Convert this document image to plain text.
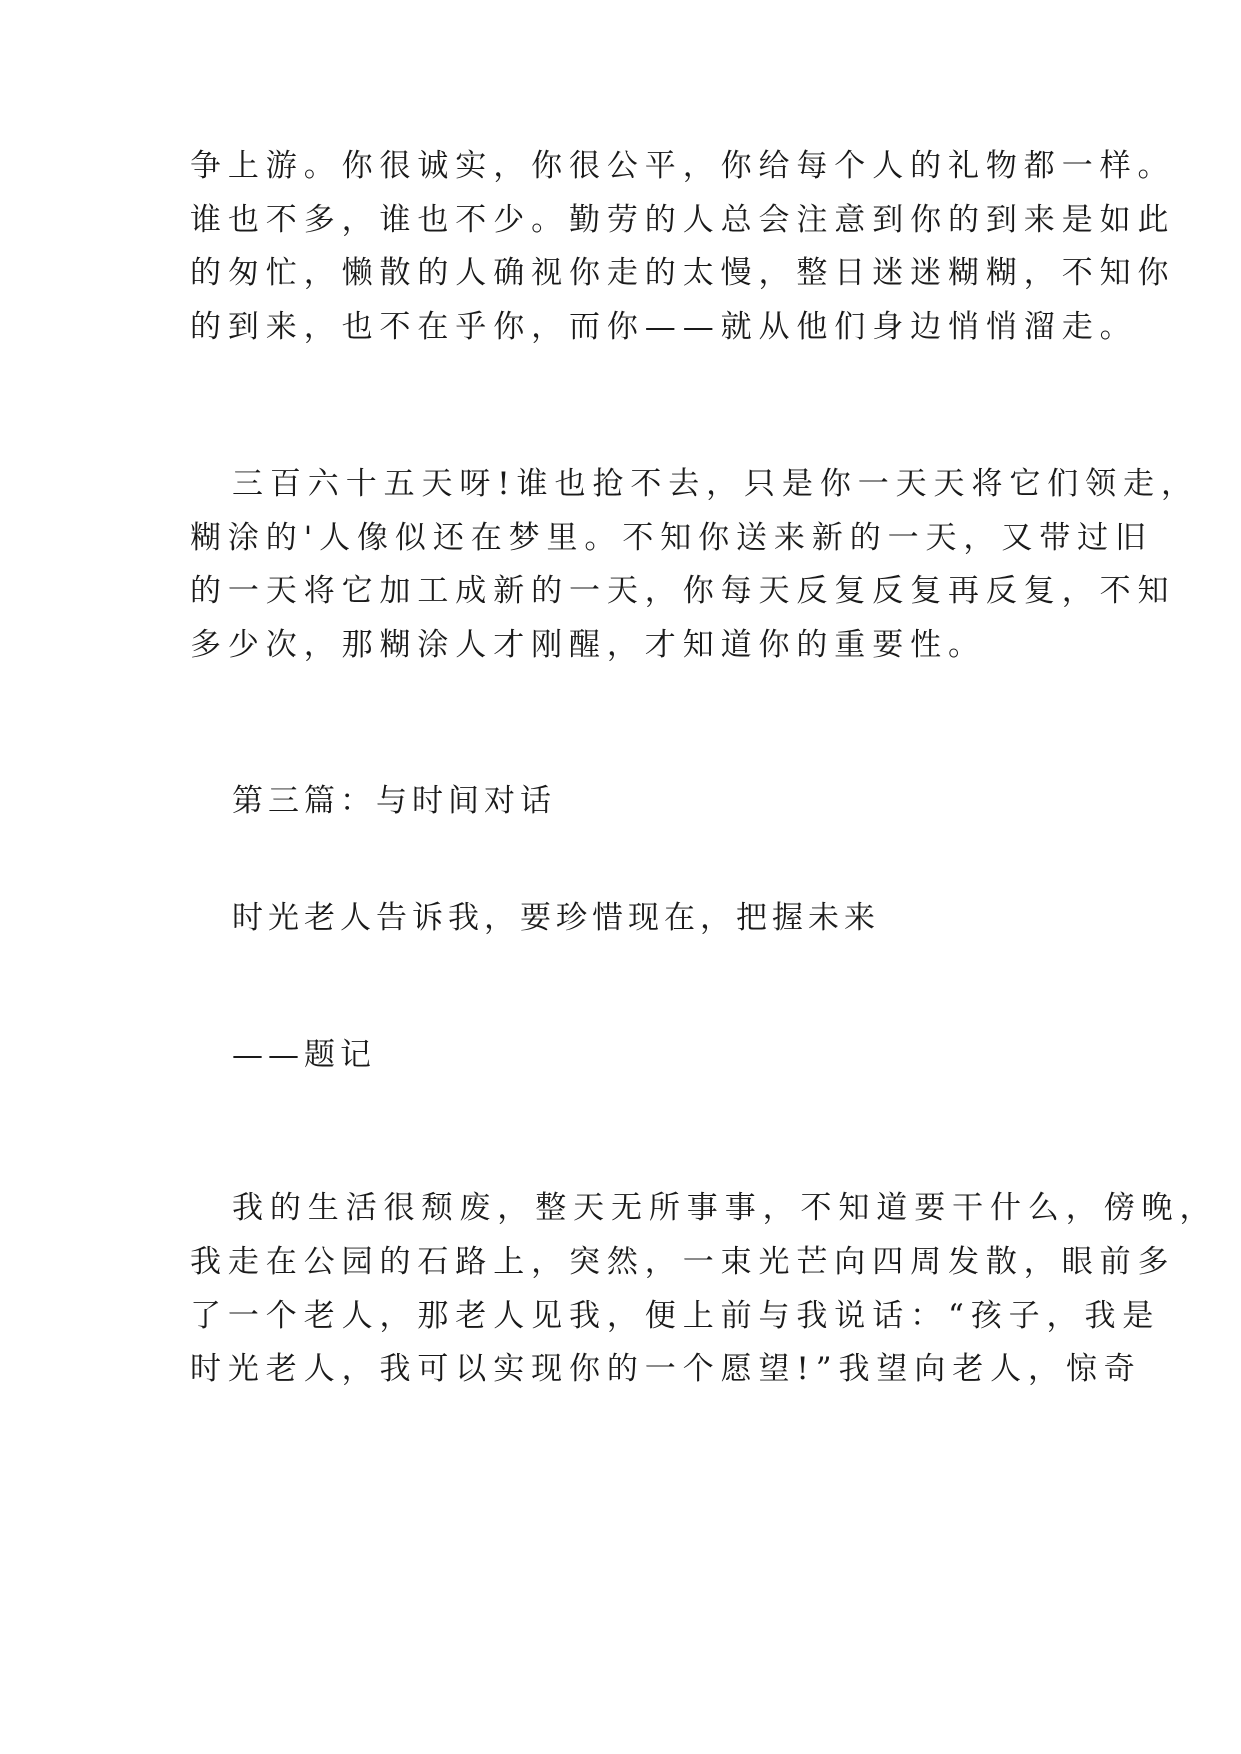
争上游。你很诚实，你很公平，你给每个人的礼物都一样。

谁也不多，谁也不少。勤劳的人总会注意到你的到来是如此

的匆忙，懒散的人确视你走的太慢，整日迷迷糊糊，不知你

的到来，也不在乎你，而你——就从他们身边悄悄溜走。

三百六十五天呀!谁也抢不去，只是你一天天将它们领走，

糊涂的'人像似还在梦里。不知你送来新的一天，又带过旧

的一天将它加工成新的一天，你每天反复反复再反复，不知

多少次，那糊涂人才刚醒，才知道你的重要性。

第三篇：与时间对话

时光老人告诉我，要珍惜现在，把握未来

——题记

我的生活很颓废，整天无所事事，不知道要干什么，傍晚，

我走在公园的石路上，突然，一束光芒向四周发散，眼前多

了一个老人，那老人见我，便上前与我说话：“孩子，我是

时光老人，我可以实现你的一个愿望!”我望向老人，惊奇
